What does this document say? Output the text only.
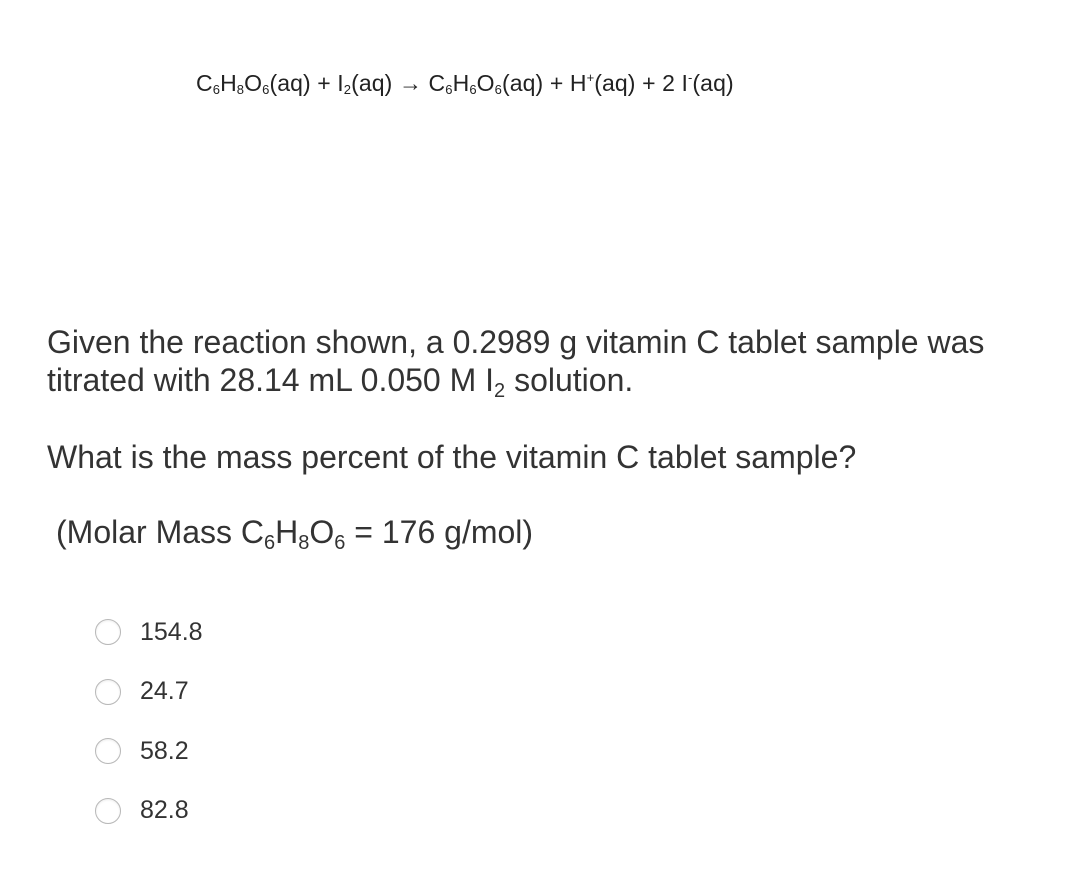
$C_6H_8O_6(aq) + I_2(aq) \to C_6H_6O_6(aq) + H^+(aq) + 2$ I-(aq)
Given the reaction shown, a 0.2989 g vitamin C tablet sample was titrated with 28.14 mL 0.050 M $I_2$ solution.
What is the mass percent of the vitamin C tablet sample?
(Molar Mass $C_6H_8O_6 = 176$ g/mol)
154.8
24.7
58.2
82.8
